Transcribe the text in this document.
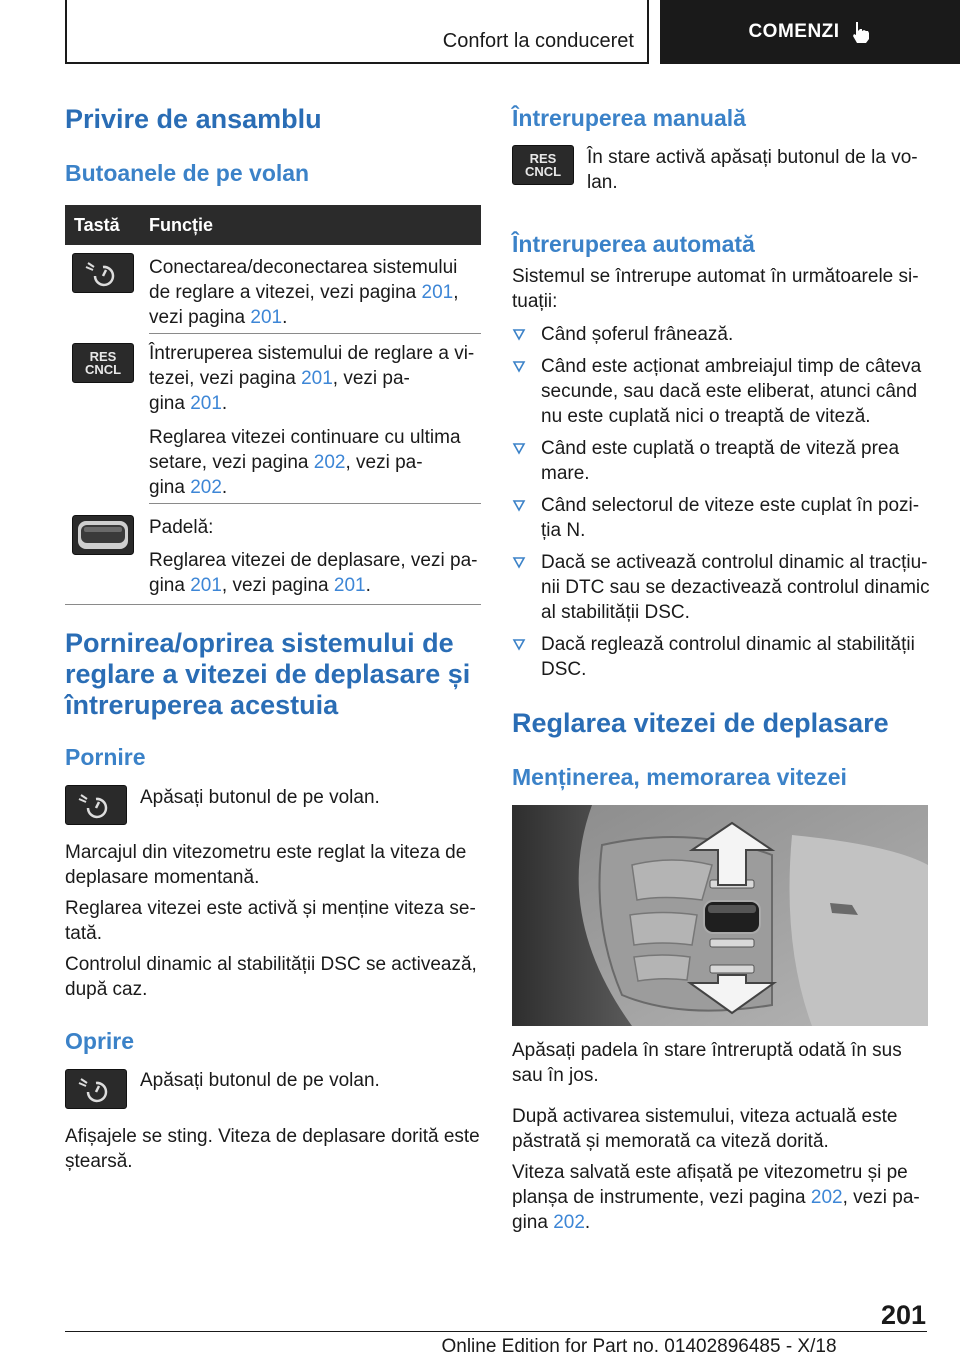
Confort la conduceret	COMENZI
Privire de ansamblu
Butoanele de pe volan
Tastă Funcție
Conectarea/deconectarea sistemului
de reglare a vitezei, vezi pagina 201,
vezi pagina 201.
RES
CNCL
Întreruperea sistemului de reglare a vi-
tezei, vezi pagina 201, vezi pa-
gina 201.
Reglarea vitezei continuare cu ultima
setare, vezi pagina 202, vezi pa-
gina 202.
Padelă:
Reglarea vitezei de deplasare, vezi pa-
gina 201, vezi pagina 201.
Pornirea/oprirea sistemului de
reglare a vitezei de deplasare și
întreruperea acestuia
Pornire
Apăsați butonul de pe volan.
Marcajul din vitezometru este reglat la viteza de
deplasare momentană.
Reglarea vitezei este activă și menține viteza se-
tată.
Controlul dinamic al stabilității DSC se activează,
după caz.
Oprire
Apăsați butonul de pe volan.
Afișajele se sting. Viteza de deplasare dorită este
ștearsă.
Întreruperea manuală
RES
CNCL
În stare activă apăsați butonul de la vo-
lan.
Întreruperea automată
Sistemul se întrerupe automat în următoarele si-
tuații:
Când șoferul frânează.
Când este acționat ambreiajul timp de câteva
secunde, sau dacă este eliberat, atunci când
nu este cuplată nici o treaptă de viteză.
Când este cuplată o treaptă de viteză prea
mare.
Când selectorul de viteze este cuplat în pozi-
ția N.
Dacă se activează controlul dinamic al tracțiu-
nii DTC sau se dezactivează controlul dinamic
al stabilității DSC.
Dacă reglează controlul dinamic al stabilității
DSC.
Reglarea vitezei de deplasare
Menținerea, memorarea vitezei
Apăsați padela în stare întreruptă odată în sus
sau în jos.
După activarea sistemului, viteza actuală este
păstrată și memorată ca viteză dorită.
Viteza salvată este afișată pe vitezometru și pe
planșa de instrumente, vezi pagina 202, vezi pa-
gina 202.
201
Online Edition for Part no. 01402896485 - X/18
